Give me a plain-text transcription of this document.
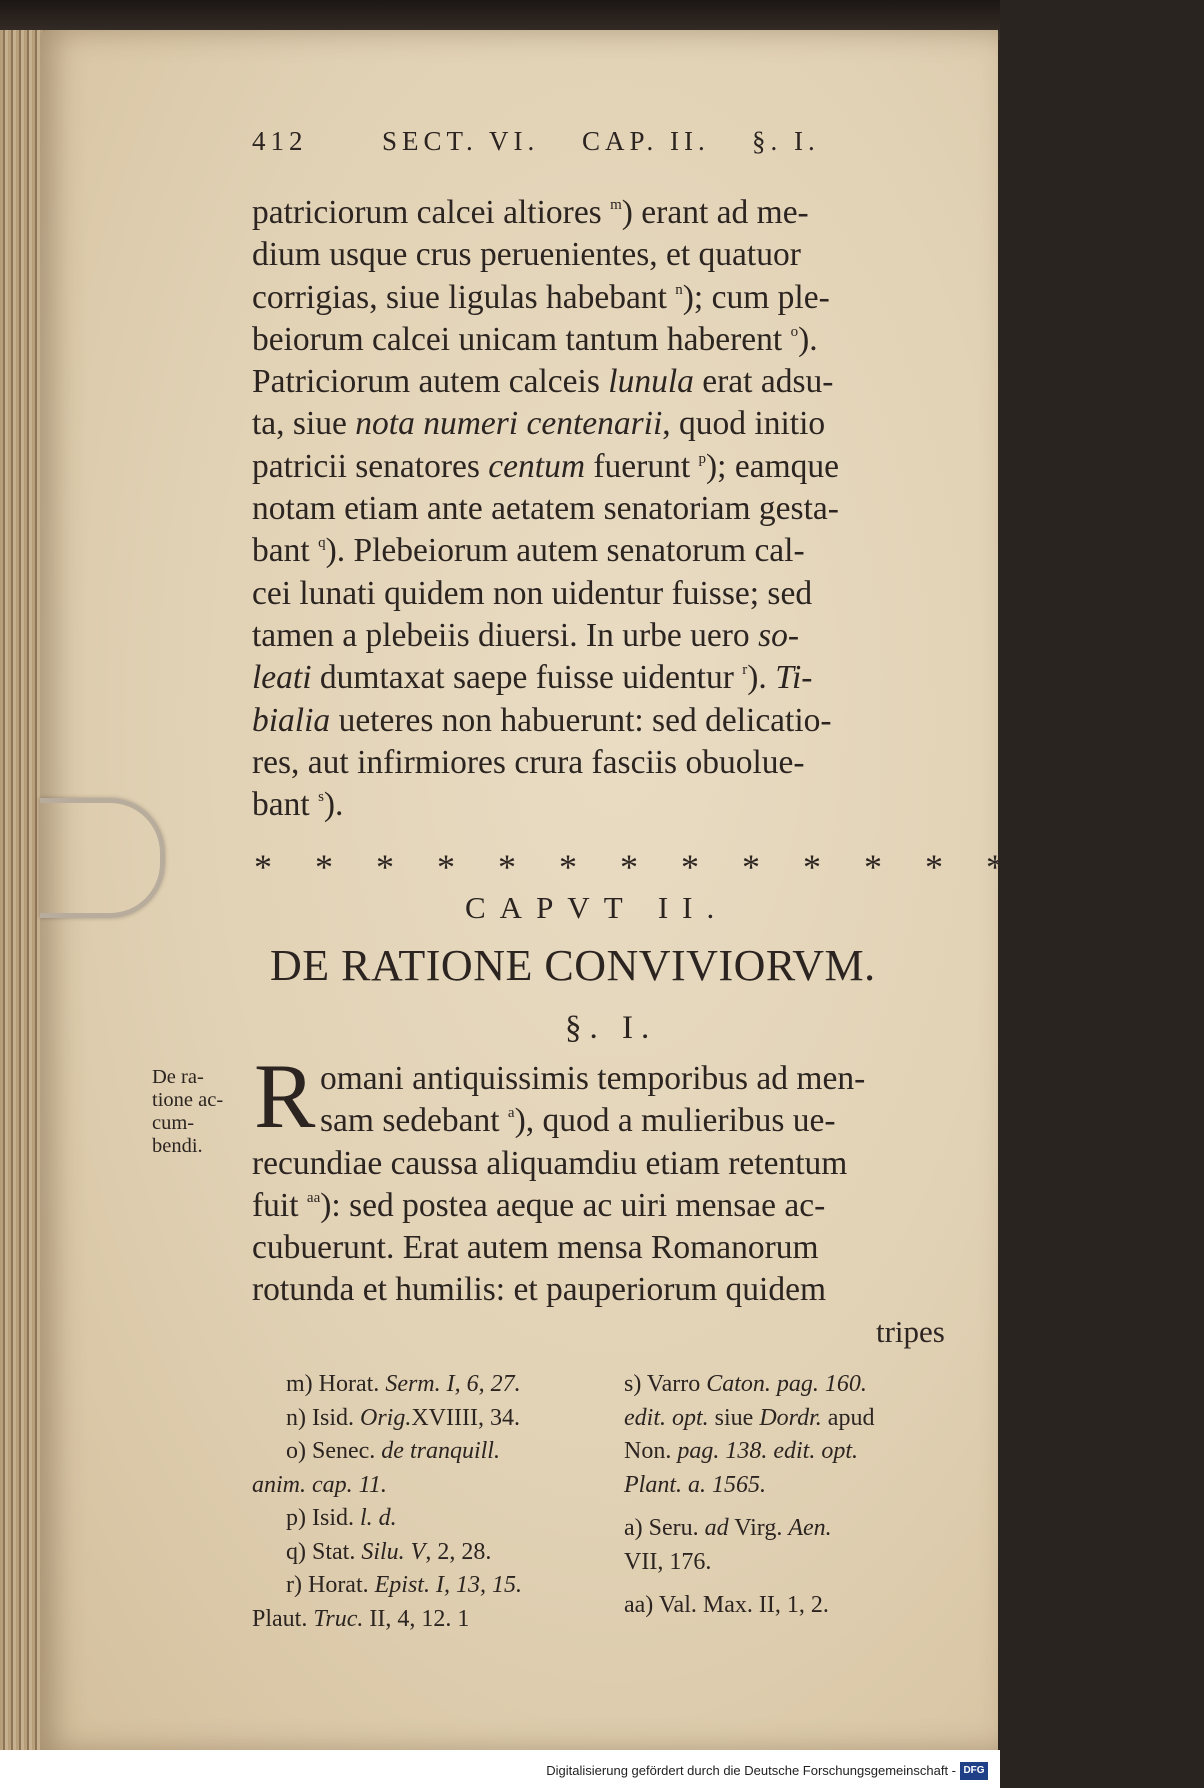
412	SECT. VI. CAP. II. §. I.
patriciorum calcei altiores $^m$) erant ad me-
dium usque crus peruenientes, et quatuor
corrigias, siue ligulas habebant $^n$); cum ple-
beiorum calcei unicam tantum haberent $^o$).
Patriciorum autem calceis lunula erat adsu-
ta, siue nota numeri centenarii, quod initio
patricii senatores centum fuerunt $^p$); eamque
notam etiam ante aetatem senatoriam gesta-
bant $^q$). Plebeiorum autem senatorum cal-
cei lunati quidem non uidentur fuisse; sed
tamen a plebeiis diuersi. In urbe uero so-
leati dumtaxat saepe fuisse uidentur $^r$). Ti-
bialia ueteres non habuerunt: sed delicatio-
res, aut infirmiores crura fasciis obuolue-
bant $^s$).
* * * * * * * * * * * * * * * *
CAPVT II.
DE RATIONE CONVIVIORVM.
§. I.
De ra-
tione ac-
cum-
bendi. R omani antiquissimis temporibus ad men-
sam sedebant $^a$), quod a mulieribus ue-
recundiae caussa aliquamdiu etiam retentum
fuit $^{aa}$): sed postea aeque ac uiri mensae ac-
cubuerunt. Erat autem mensa Romanorum
rotunda et humilis: et pauperiorum quidem
tripes
m) Horat. Serm. I, 6, 27.
n) Isid. Orig.XVIIII, 34.
o) Senec. de tranquill.
anim. cap. 11.
p) Isid. l. d.
q) Stat. Silu. V, 2, 28.
r) Horat. Epist. I, 13, 15.
Plaut. Truc. II, 4, 12. 1
s) Varro Caton. pag. 160.
edit. opt. siue Dordr. apud
Non. pag. 138. edit. opt.
Plant. a. 1565.
a) Seru. ad Virg. Aen.
VII, 176.
aa) Val. Max. II, 1, 2.
Digitalisierung gefördert durch die Deutsche Forschungsgemeinschaft - DFG
